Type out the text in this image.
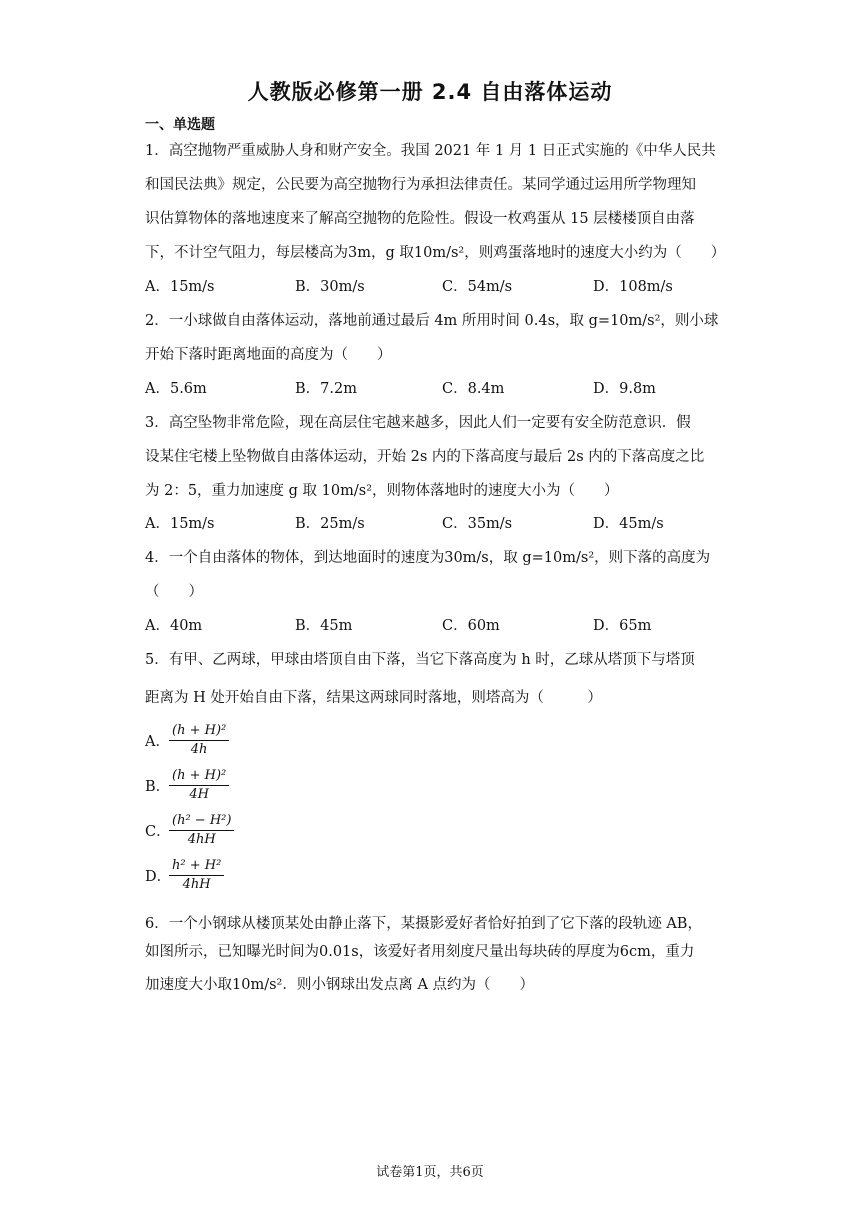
人教版必修第一册 2.4 自由落体运动
一、单选题
1．高空抛物严重威胁人身和财产安全。我国 2021 年 1 月 1 日正式实施的《中华人民共
和国民法典》规定，公民要为高空抛物行为承担法律责任。某同学通过运用所学物理知
识估算物体的落地速度来了解高空抛物的危险性。假设一枚鸡蛋从 15 层楼楼顶自由落
下，不计空气阻力，每层楼高为3m，g 取10m/s²，则鸡蛋落地时的速度大小约为（　　）
A．15m/s	B．30m/s	C．54m/s	D．108m/s
2．一小球做自由落体运动，落地前通过最后 4m 所用时间 0.4s，取 g=10m/s²，则小球
开始下落时距离地面的高度为（　　）
A．5.6m	B．7.2m	C．8.4m	D．9.8m
3．高空坠物非常危险，现在高层住宅越来越多，因此人们一定要有安全防范意识．假
设某住宅楼上坠物做自由落体运动，开始 2s 内的下落高度与最后 2s 内的下落高度之比
为 2：5，重力加速度 g 取 10m/s²，则物体落地时的速度大小为（　　）
A．15m/s	B．25m/s	C．35m/s	D．45m/s
4．一个自由落体的物体，到达地面时的速度为30m/s，取 g=10m/s²，则下落的高度为
（　　）
A．40m	B．45m	C．60m	D．65m
5．有甲、乙两球，甲球由塔顶自由下落，当它下落高度为 h 时，乙球从塔顶下与塔顶
距离为 H 处开始自由下落，结果这两球同时落地，则塔高为（　　　）
A． $\frac{\text{(h + H)²}}{4h}$
B．
$\frac{\text{(h + H)²}}{4H}$
C．
$\frac{\text{(h² − H²)}}{4hH}$
D．
$\frac{\text{h² + H²}}{4hH}$
6．一个小钢球从楼顶某处由静止落下，某摄影爱好者恰好拍到了它下落的段轨迹 AB，
如图所示，已知曝光时间为0.01s，该爱好者用刻度尺量出每块砖的厚度为6cm，重力
加速度大小取10m/s²．则小钢球出发点离 A 点约为（　　）
试卷第1页，共6页
